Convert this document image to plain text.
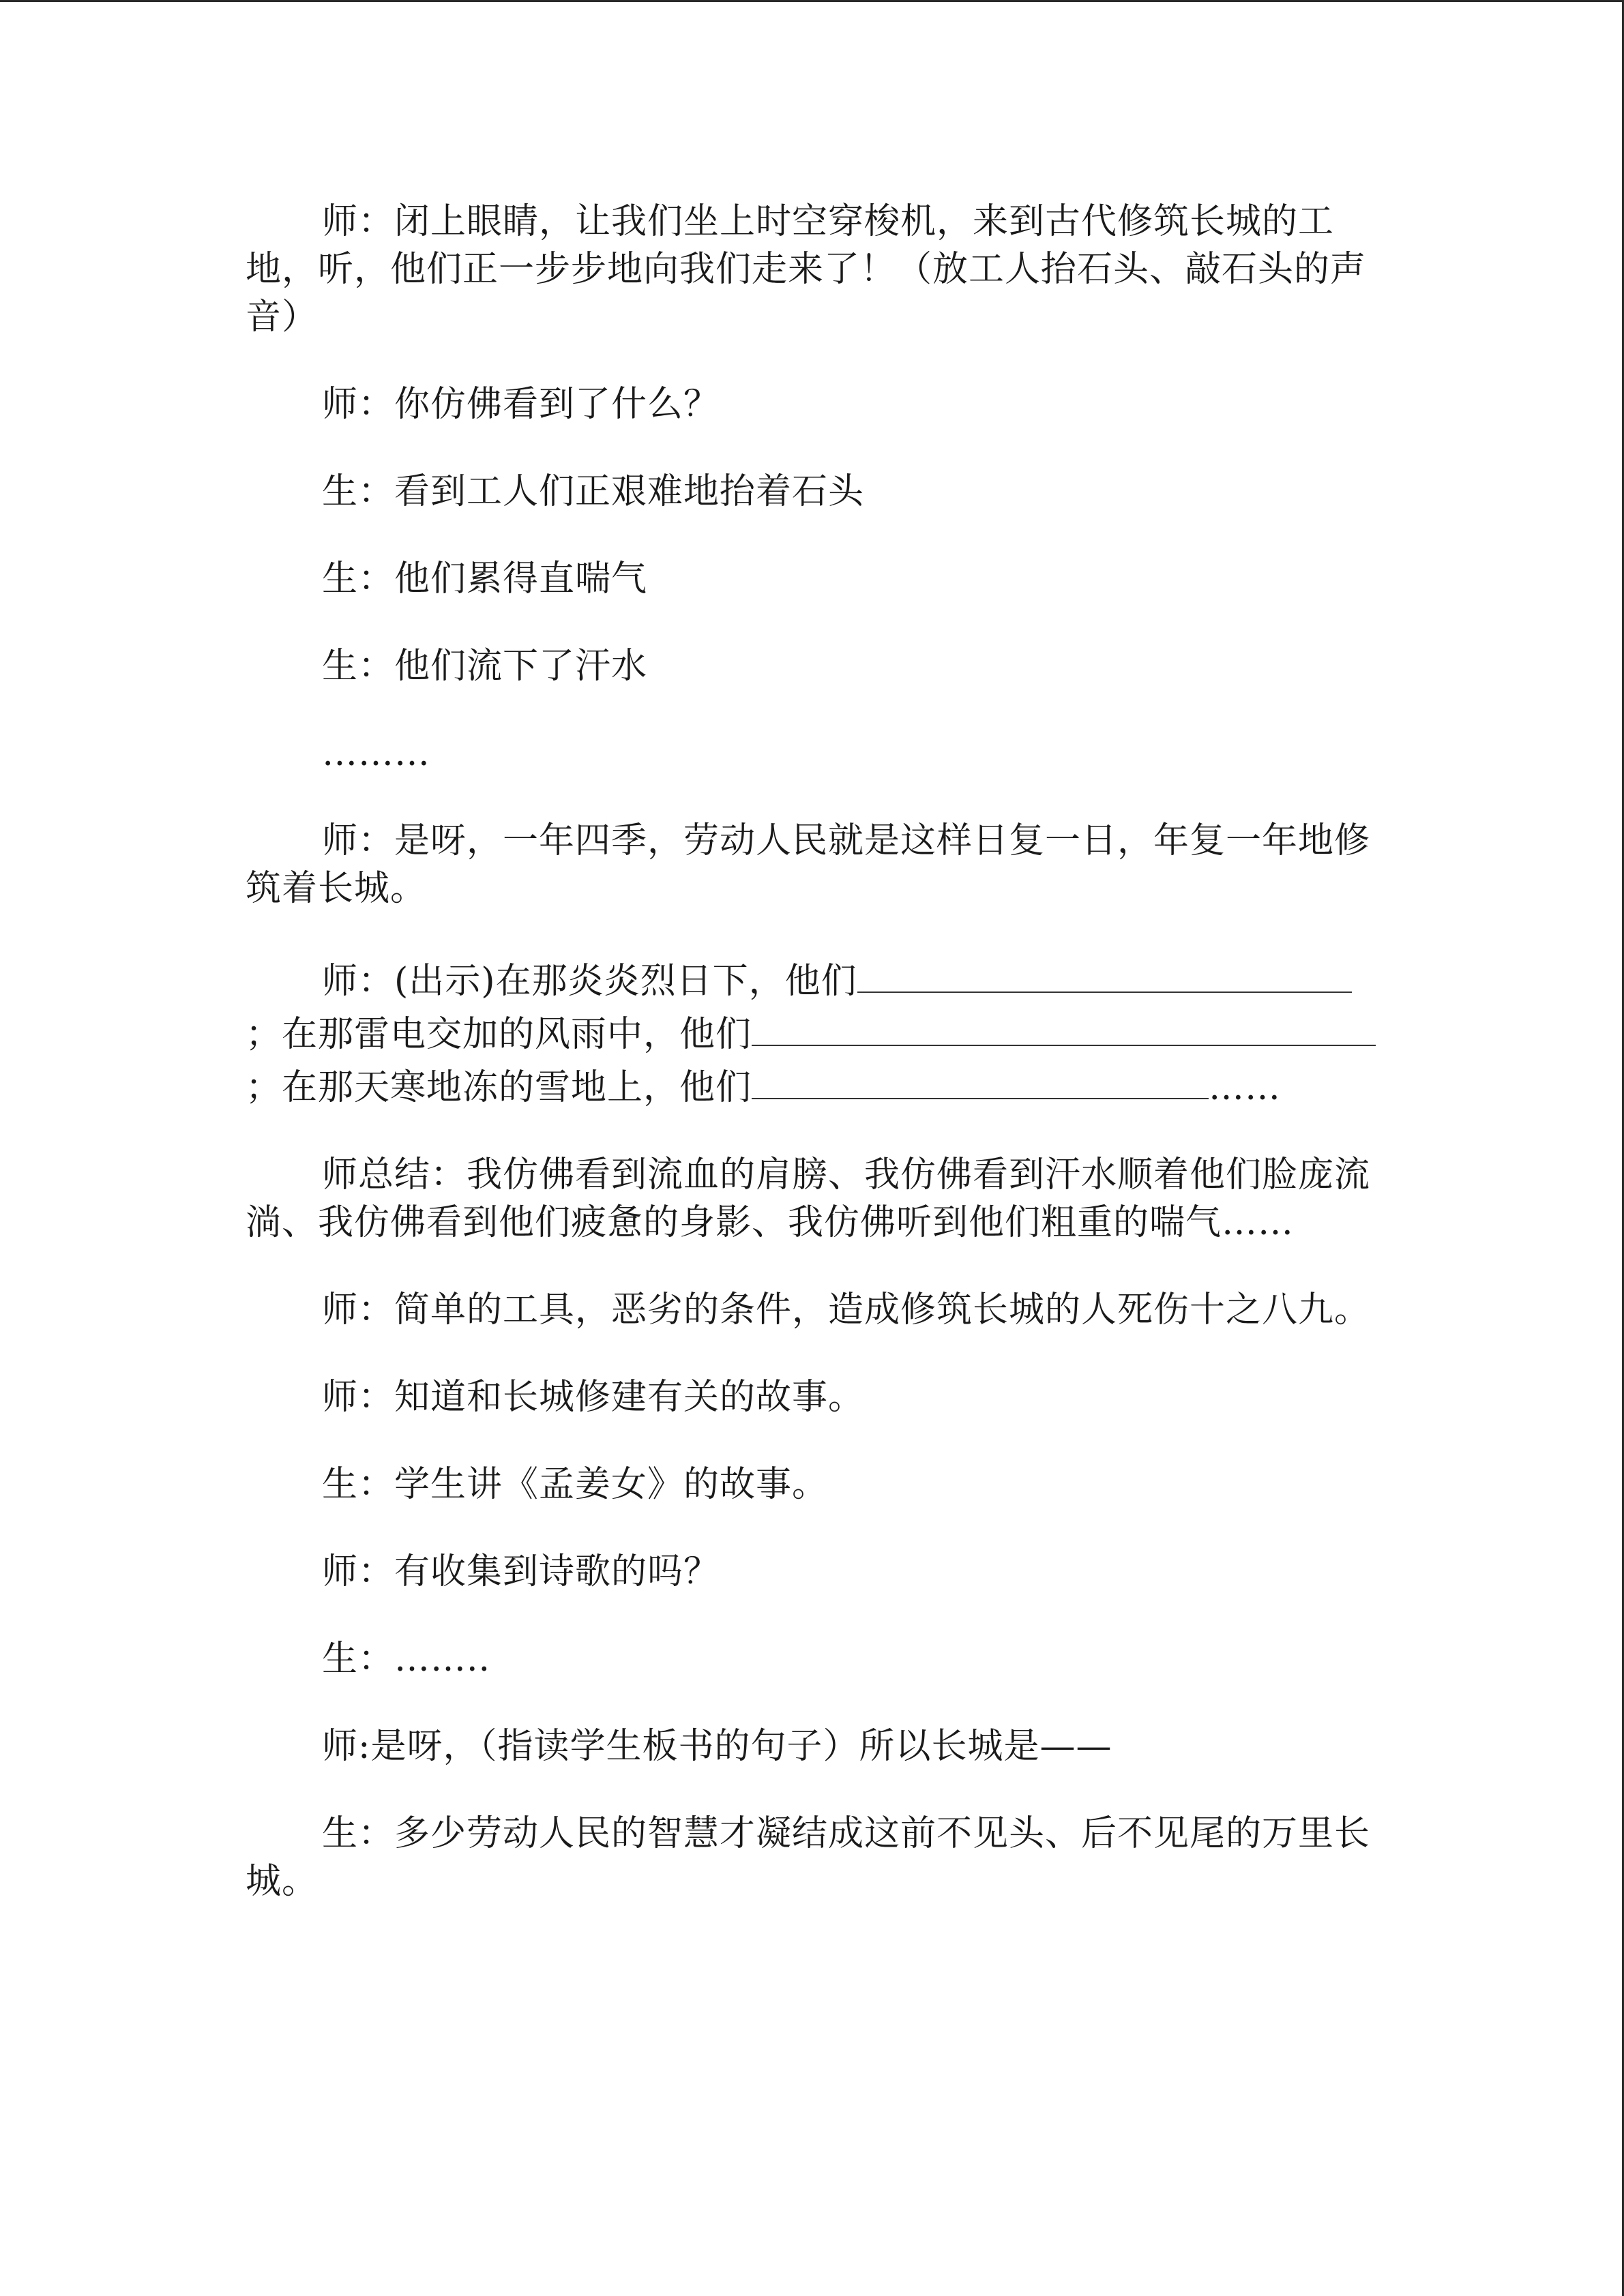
师：闭上眼睛，让我们坐上时空穿梭机，来到古代修筑长城的工地，听，他们正一步步地向我们走来了！（放工人抬石头、敲石头的声音）

师：你仿佛看到了什么？

生：看到工人们正艰难地抬着石头

生：他们累得直喘气

生：他们流下了汗水

………

师：是呀，一年四季，劳动人民就是这样日复一日，年复一年地修筑着长城。

师：(出示)在那炎炎烈日下，他们；在那雷电交加的风雨中，他们；在那天寒地冻的雪地上，他们	……

师总结：我仿佛看到流血的肩膀、我仿佛看到汗水顺着他们脸庞流淌、我仿佛看到他们疲惫的身影、我仿佛听到他们粗重的喘气……

师：简单的工具，恶劣的条件，造成修筑长城的人死伤十之八九。

师：知道和长城修建有关的故事。

生：学生讲《孟姜女》的故事。

师：有收集到诗歌的吗？

生：……..

师:是呀，（指读学生板书的句子）所以长城是——

生：多少劳动人民的智慧才凝结成这前不见头、后不见尾的万里长城。
